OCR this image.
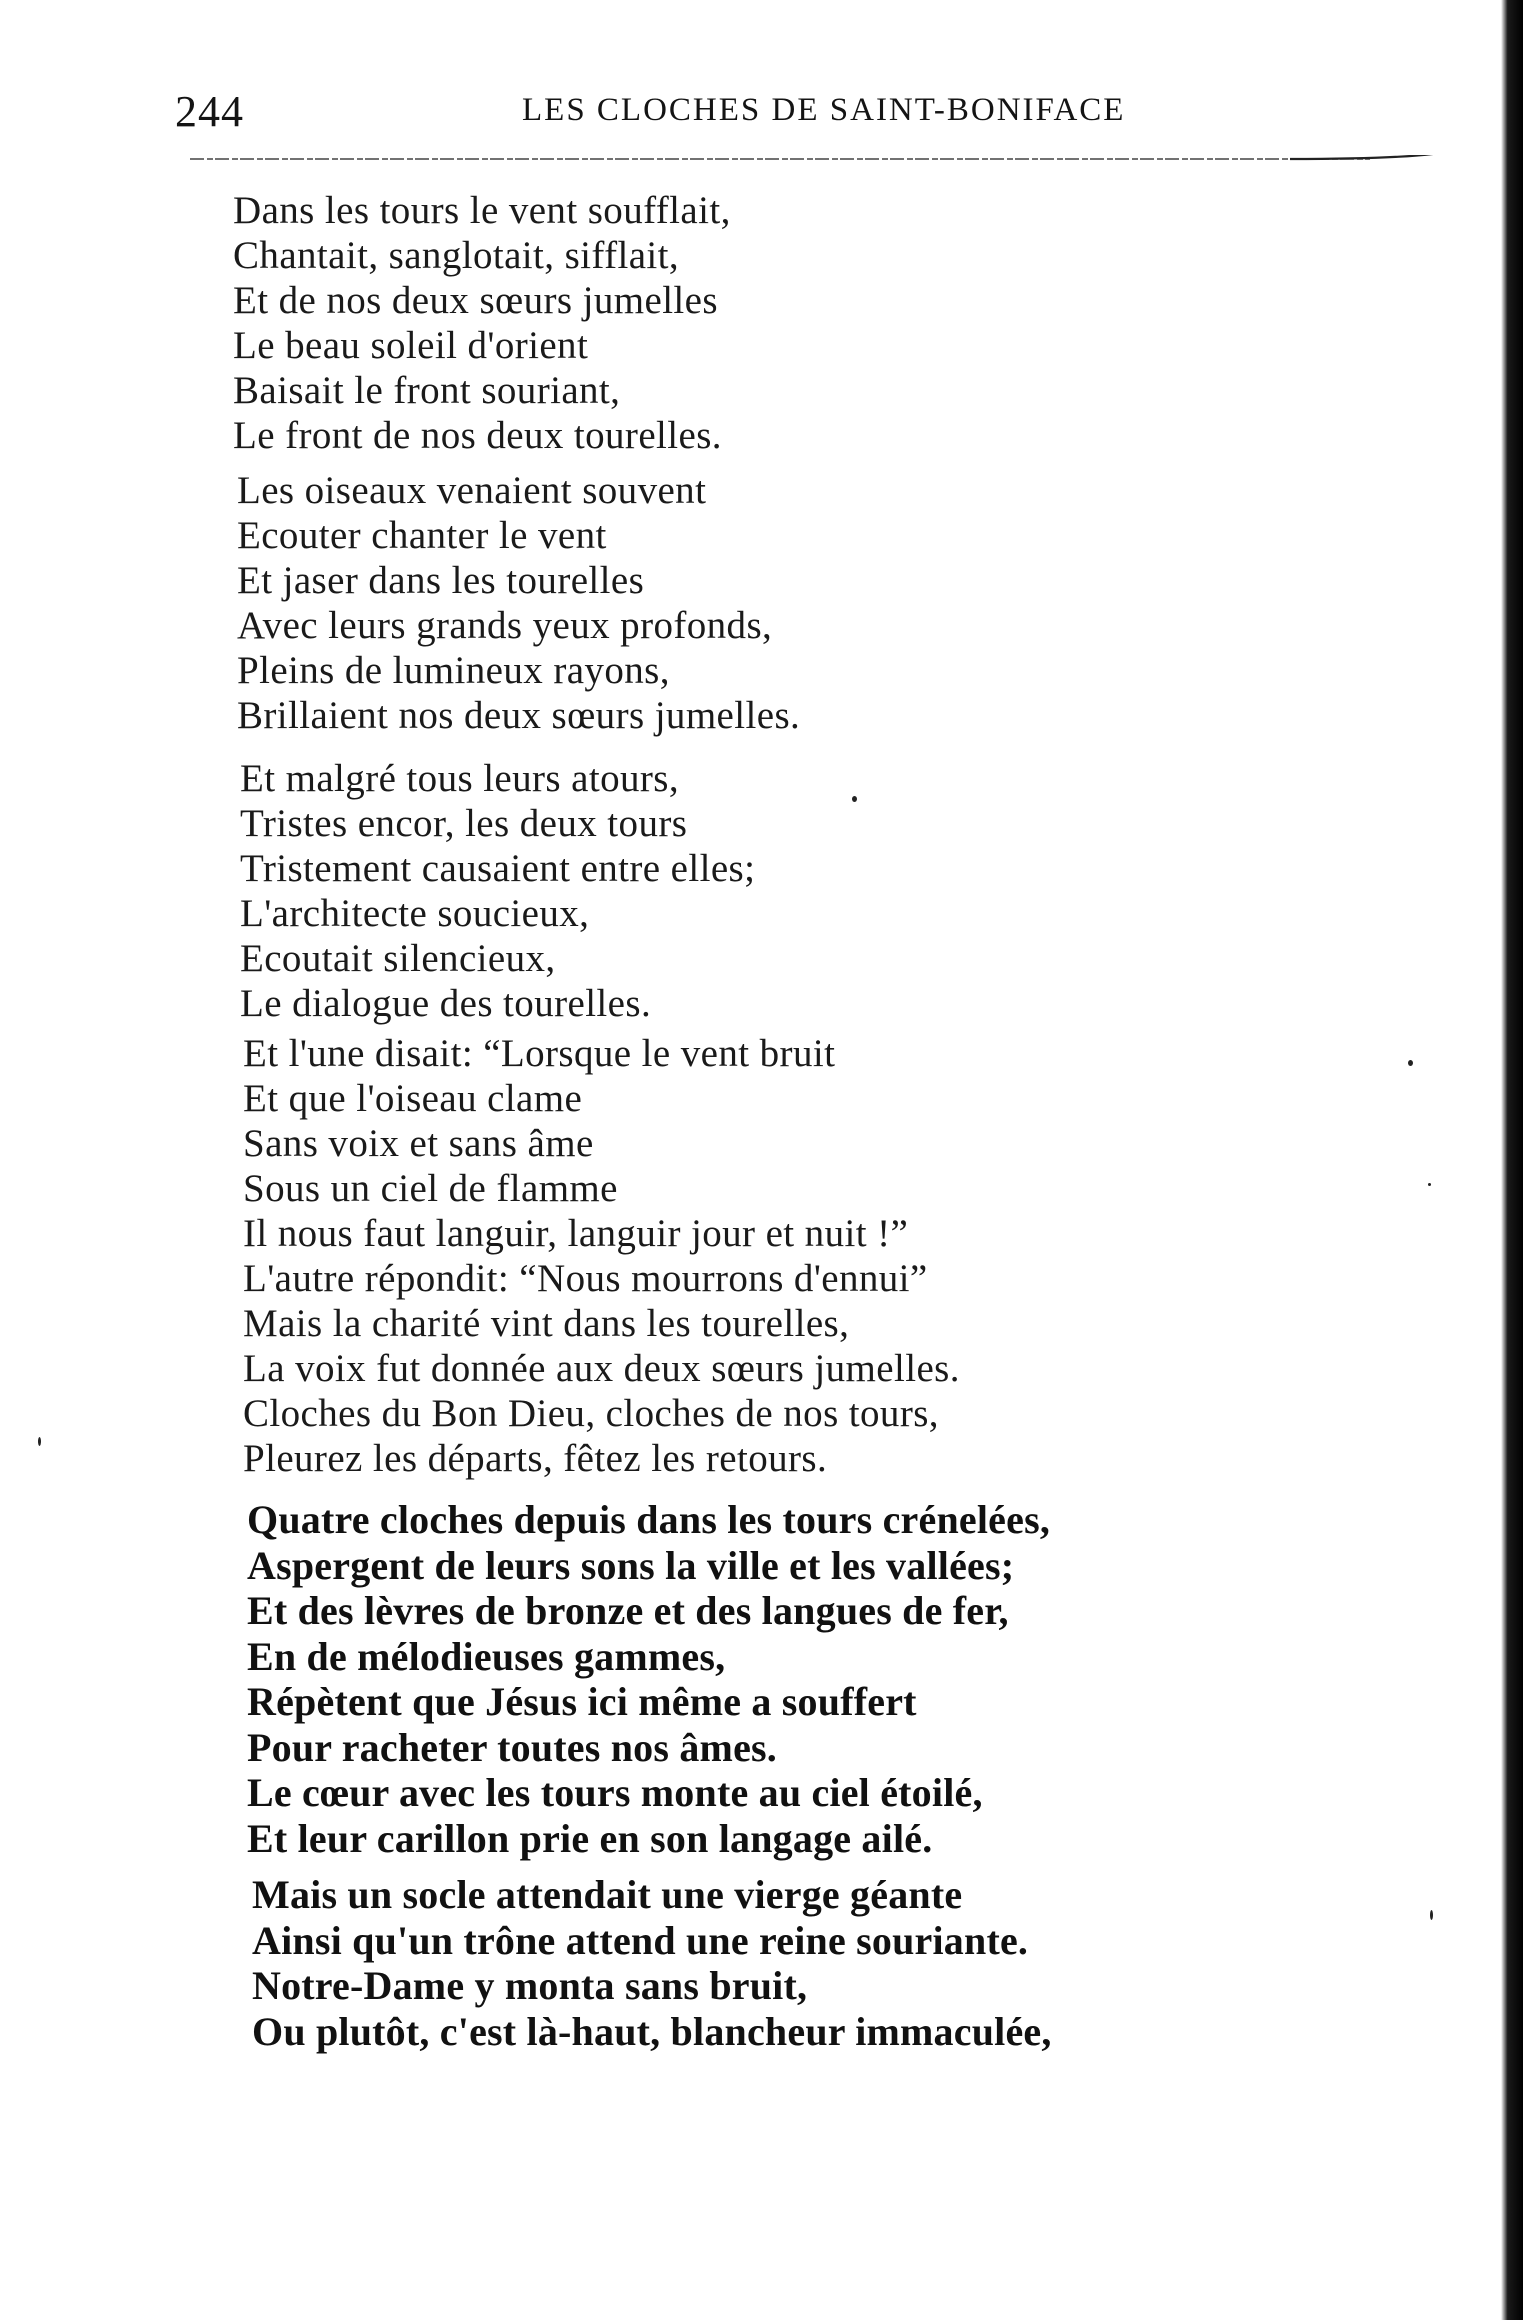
244	LES CLOCHES DE SAINT-BONIFACE
Dans les tours le vent soufflait,
Chantait, sanglotait, sifflait,
Et de nos deux sœurs jumelles
Le beau soleil d'orient
Baisait le front souriant,
Le front de nos deux tourelles.
Les oiseaux venaient souvent
Ecouter chanter le vent
Et jaser dans les tourelles
Avec leurs grands yeux profonds,
Pleins de lumineux rayons,
Brillaient nos deux sœurs jumelles.
Et malgré tous leurs atours,
Tristes encor, les deux tours
Tristement causaient entre elles;
L'architecte soucieux,
Ecoutait silencieux,
Le dialogue des tourelles.
Et l'une disait: “Lorsque le vent bruit
Et que l'oiseau clame
Sans voix et sans âme
Sous un ciel de flamme
Il nous faut languir, languir jour et nuit !”
L'autre répondit: “Nous mourrons d'ennui”
Mais la charité vint dans les tourelles,
La voix fut donnée aux deux sœurs jumelles.
Cloches du Bon Dieu, cloches de nos tours,
Pleurez les départs, fêtez les retours.
Quatre cloches depuis dans les tours crénelées,
Aspergent de leurs sons la ville et les vallées;
Et des lèvres de bronze et des langues de fer,
En de mélodieuses gammes,
Répètent que Jésus ici même a souffert
Pour racheter toutes nos âmes.
Le cœur avec les tours monte au ciel étoilé,
Et leur carillon prie en son langage ailé.
Mais un socle attendait une vierge géante
Ainsi qu'un trône attend une reine souriante.
Notre-Dame y monta sans bruit,
Ou plutôt, c'est là-haut, blancheur immaculée,
